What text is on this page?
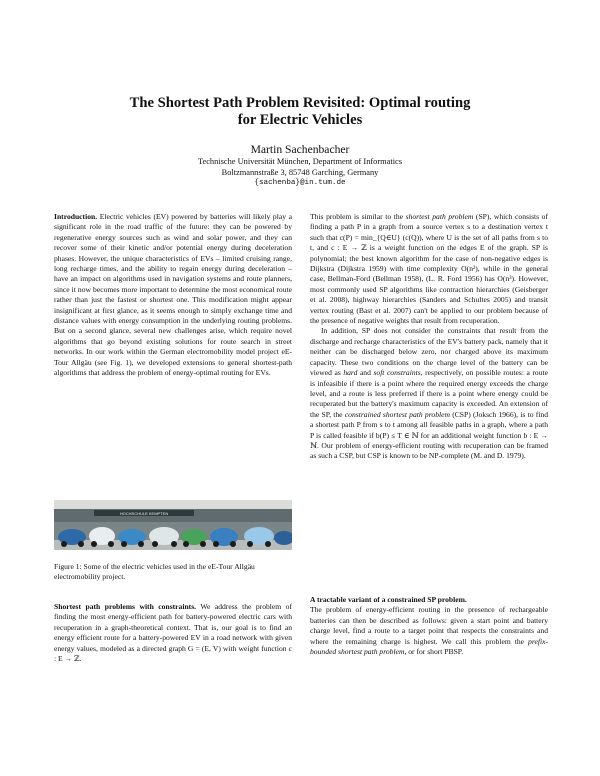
The Shortest Path Problem Revisited: Optimal routing
for Electric Vehicles
Martin Sachenbacher
Technische Universität München, Department of Informatics
Boltzmannstraße 3, 85748 Garching, Germany
{sachenba}@in.tum.de

Introduction. Electric vehicles (EV) powered by batteries will likely play a significant role in the road traffic of the future: they can be powered by regenerative energy sources such as wind and solar power, and they can recover some of their kinetic and/or potential energy during deceleration phases. However, the unique characteristics of EVs – limited cruising range, long recharge times, and the ability to regain energy during deceleration – have an impact on algorithms used in navigation systems and route planners, since it now becomes more important to determine the most economical route rather than just the fastest or shortest one. This modification might appear insignificant at first glance, as it seems enough to simply exchange time and distance values with energy consumption in the underlying routing problems. But on a second glance, several new challenges arise, which require novel algorithms that go beyond existing solutions for route search in street networks. In our work within the German electromobility model project eE-Tour Allgäu (see Fig. 1), we developed extensions to general shortest-path algorithms that address the problem of energy-optimal routing for EVs.

HOCHSCHULE KEMPTEN
Figure 1: Some of the electric vehicles used in the eE-Tour Allgäu electromobility project.

Shortest path problems with constraints. We address the problem of finding the most energy-efficient path for battery-powered electric cars with recuperation in a graph-theoretical context. That is, our goal is to find an energy efficient route for a battery-powered EV in a road network with given energy values, modeled as a directed graph G = (E, V) with weight function c : E → ℤ.

This problem is similar to the shortest path problem (SP), which consists of finding a path P in a graph from a source vertex s to a destination vertex t such that c(P) = min_{Q∈U} (c(Q)), where U is the set of all paths from s to t, and c : E → ℤ is a weight function on the edges E of the graph. SP is polynomial; the best known algorithm for the case of non-negative edges is Dijkstra (Dijkstra 1959) with time complexity O(n²), while in the general case, Bellman-Ford (Bellman 1958), (L. R. Ford 1956) has O(n³). However, most commonly used SP algorithms like contraction hierarchies (Geisberger et al. 2008), highway hierarchies (Sanders and Schultes 2005) and transit vertex routing (Bast et al. 2007) can't be applied to our problem because of the presence of negative weights that result from recuperation.

In addition, SP does not consider the constraints that result from the discharge and recharge characteristics of the EV's battery pack, namely that it neither can be discharged below zero, nor charged above its maximum capacity. These two conditions on the charge level of the battery can be viewed as hard and soft constraints, respectively, on possible routes: a route is infeasible if there is a point where the required energy exceeds the charge level, and a route is less preferred if there is a point where energy could be recuperated but the battery's maximum capacity is exceeded. An extension of the SP, the constrained shortest path problem (CSP) (Joksch 1966), is to find a shortest path P from s to t among all feasible paths in a graph, where a path P is called feasible if b(P) ≤ T ∈ ℕ for an additional weight function b : E → ℕ. Our problem of energy-efficient routing with recuperation can be framed as such a CSP, but CSP is known to be NP-complete (M. and D. 1979).

A tractable variant of a constrained SP problem.

The problem of energy-efficient routing in the presence of rechargeable batteries can then be described as follows: given a start point and battery charge level, find a route to a target point that respects the constraints and where the remaining charge is highest. We call this problem the prefix-bounded shortest path problem, or for short PBSP.
